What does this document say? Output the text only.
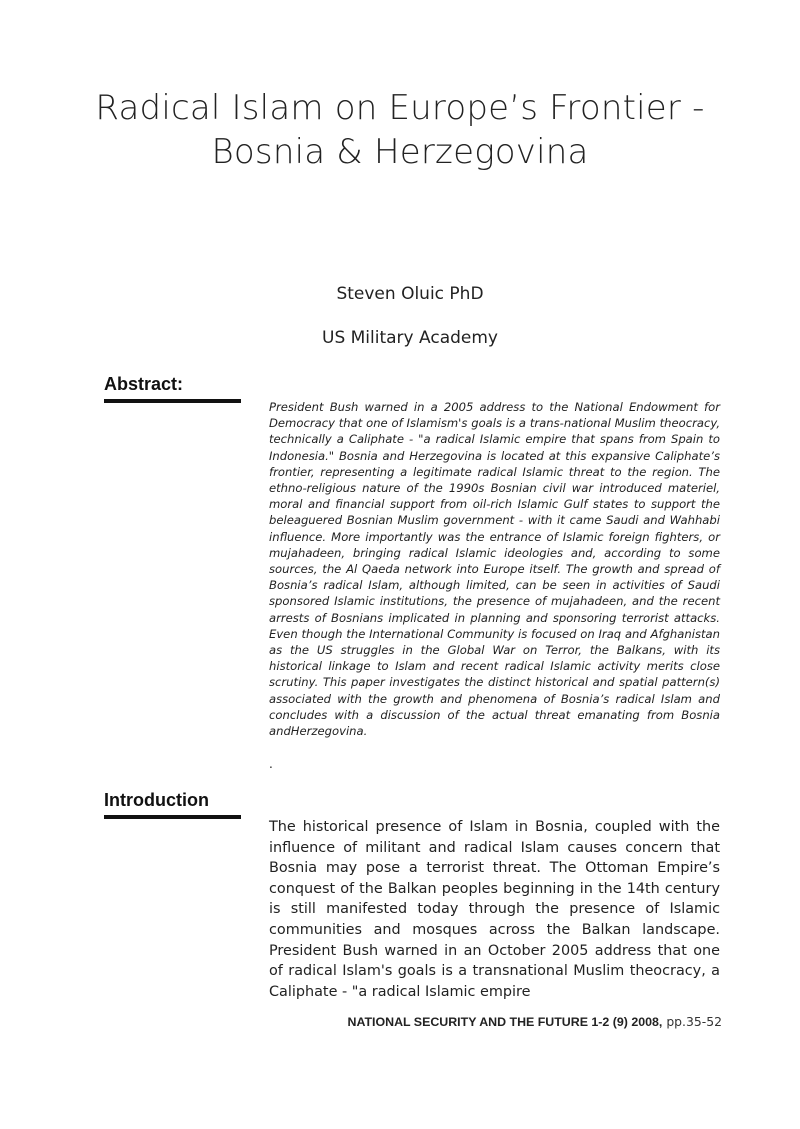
Radical Islam on Europe’s Frontier -
Bosnia & Herzegovina
Steven Oluic PhD
US Military Academy
Abstract:
President Bush warned in a 2005 address to the National Endowment for Democracy that one of Islamism's goals is a trans-national Muslim theocracy, technically a Caliphate - "a radical Islamic empire that spans from Spain to Indonesia." Bosnia and Herzegovina is located at this expansive Caliphate’s frontier, representing a legitimate radical Islamic threat to the region. The ethno-religious nature of the 1990s Bosnian civil war introduced materiel, moral and financial support from oil-rich Islamic Gulf states to support the beleaguered Bosnian Muslim government - with it came Saudi and Wahhabi influence. More importantly was the entrance of Islamic foreign fighters, or mujahadeen, bringing radical Islamic ideologies and, according to some sources, the Al Qaeda network into Europe itself. The growth and spread of Bosnia’s radical Islam, although limited, can be seen in activities of Saudi sponsored Islamic institutions, the presence of mujahadeen, and the recent arrests of Bosnians implicated in planning and sponsoring terrorist attacks. Even though the International Community is focused on Iraq and Afghanistan as the US struggles in the Global War on Terror, the Balkans, with its historical linkage to Islam and recent radical Islamic activity merits close scrutiny. This paper investigates the distinct historical and spatial pattern(s) associated with the growth and phenomena of Bosnia’s radical Islam and concludes with a discussion of the actual threat emanating from Bosnia andHerzegovina.
.
Introduction
The historical presence of Islam in Bosnia, coupled with the influence of militant and radical Islam causes concern that Bosnia may pose a terrorist threat. The Ottoman Empire’s conquest of the Balkan peoples beginning in the 14th century is still manifested today through the presence of Islamic communities and mosques across the Balkan landscape. President Bush warned in an October 2005 address that one of radical Islam's goals is a transnational Muslim theocracy, a Caliphate - "a radical Islamic empire
NATIONAL SECURITY AND THE FUTURE 1-2 (9) 2008, pp.35-52
